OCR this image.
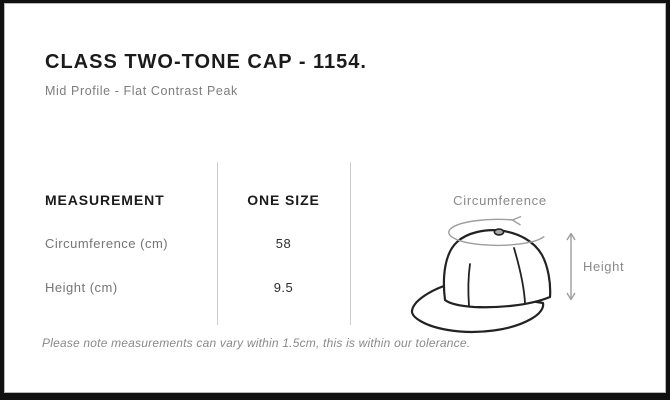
CLASS TWO-TONE CAP - 1154.
Mid Profile - Flat Contrast Peak
MEASUREMENT	ONE SIZE
Circumference (cm)	58
Height (cm)	9.5
Circumference
Height
Please note measurements can vary within 1.5cm, this is within our tolerance.
